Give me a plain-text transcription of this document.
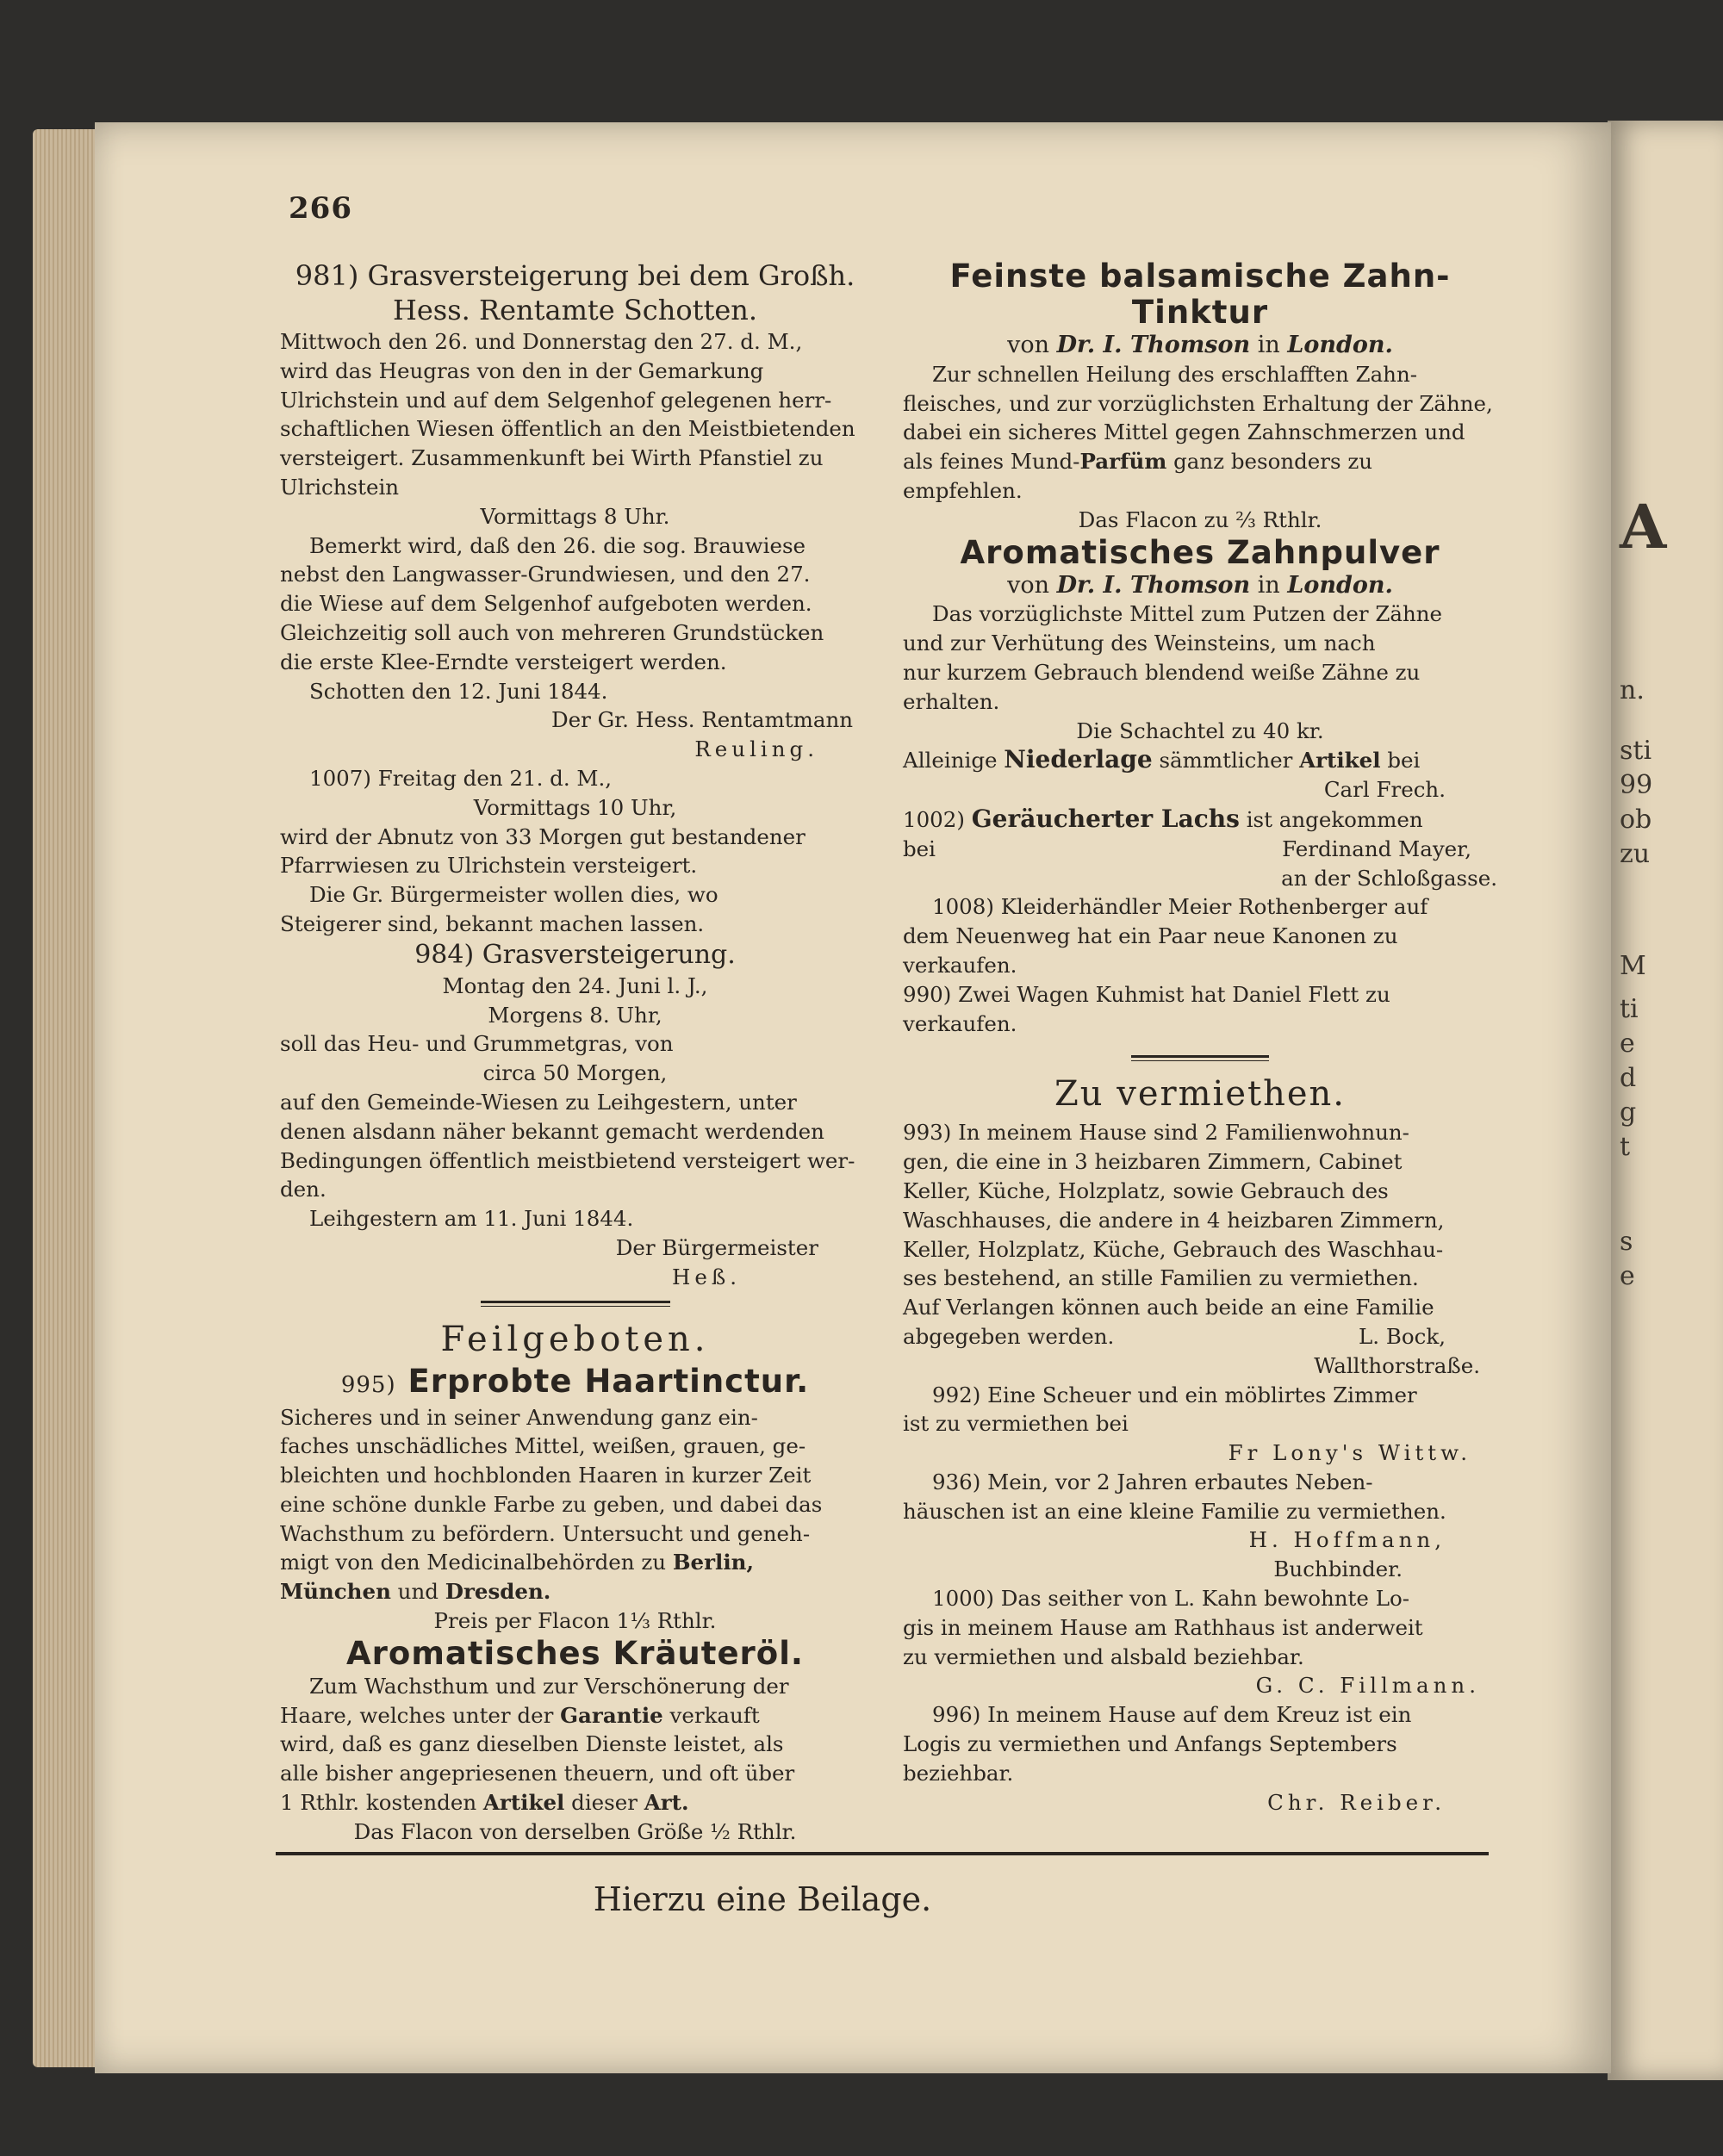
A
n.
sti
99
ob
zu
M
ti
e
d
g
t
s
e
266
981) Grasversteigerung bei dem Großh.
Hess. Rentamte Schotten.

Mittwoch den 26. und Donnerstag den 27. d. M.,

wird das Heugras von den in der Gemarkung

Ulrichstein und auf dem Selgenhof gelegenen herr-

schaftlichen Wiesen öffentlich an den Meistbietenden

versteigert. Zusammenkunft bei Wirth Pfanstiel zu

Ulrichstein

Vormittags 8 Uhr.

Bemerkt wird, daß den 26. die sog. Brauwiese

nebst den Langwasser-Grundwiesen, und den 27.

die Wiese auf dem Selgenhof aufgeboten werden.

Gleichzeitig soll auch von mehreren Grundstücken

die erste Klee-Erndte versteigert werden.

Schotten den 12. Juni 1844.

Der Gr. Hess. Rentamtmann

Reuling.

1007) Freitag den 21. d. M.,

Vormittags 10 Uhr,

wird der Abnutz von 33 Morgen gut bestandener

Pfarrwiesen zu Ulrichstein versteigert.

Die Gr. Bürgermeister wollen dies, wo

Steigerer sind, bekannt machen lassen.

984) Grasversteigerung.

Montag den 24. Juni l. J.,

Morgens 8. Uhr,

soll das Heu- und Grummetgras, von

circa 50 Morgen,

auf den Gemeinde-Wiesen zu Leihgestern, unter

denen alsdann näher bekannt gemacht werdenden

Bedingungen öffentlich meistbietend versteigert wer-

den.

Leihgestern am 11. Juni 1844.

Der Bürgermeister

Heß.

Feilgeboten.
995) Erprobte Haartinctur.

Sicheres und in seiner Anwendung ganz ein-

faches unschädliches Mittel, weißen, grauen, ge-

bleichten und hochblonden Haaren in kurzer Zeit

eine schöne dunkle Farbe zu geben, und dabei das

Wachsthum zu befördern. Untersucht und geneh-

migt von den Medicinalbehörden zu Berlin,

München und Dresden.

Preis per Flacon 1⅓ Rthlr.

Aromatisches Kräuteröl.

Zum Wachsthum und zur Verschönerung der

Haare, welches unter der Garantie verkauft

wird, daß es ganz dieselben Dienste leistet, als

alle bisher angepriesenen theuern, und oft über

1 Rthlr. kostenden Artikel dieser Art.

Das Flacon von derselben Größe ½ Rthlr.

Feinste balsamische Zahn-
Tinktur

von Dr. I. Thomson in London.

Zur schnellen Heilung des erschlafften Zahn-

fleisches, und zur vorzüglichsten Erhaltung der Zähne,

dabei ein sicheres Mittel gegen Zahnschmerzen und

als feines Mund-Parfüm ganz besonders zu

empfehlen.

Das Flacon zu ⅔ Rthlr.

Aromatisches Zahnpulver

von Dr. I. Thomson in London.

Das vorzüglichste Mittel zum Putzen der Zähne

und zur Verhütung des Weinsteins, um nach

nur kurzem Gebrauch blendend weiße Zähne zu

erhalten.

Die Schachtel zu 40 kr.

Alleinige Niederlage sämmtlicher Artikel bei

Carl Frech.

1002) Geräucherter Lachs ist angekommen

bei	Ferdinand Mayer,

an der Schloßgasse.

1008) Kleiderhändler Meier Rothenberger auf

dem Neuenweg hat ein Paar neue Kanonen zu

verkaufen.

990) Zwei Wagen Kuhmist hat Daniel Flett zu

verkaufen.

Zu vermiethen.

993) In meinem Hause sind 2 Familienwohnun-

gen, die eine in 3 heizbaren Zimmern, Cabinet

Keller, Küche, Holzplatz, sowie Gebrauch des

Waschhauses, die andere in 4 heizbaren Zimmern,

Keller, Holzplatz, Küche, Gebrauch des Waschhau-

ses bestehend, an stille Familien zu vermiethen.

Auf Verlangen können auch beide an eine Familie

abgegeben werden.	L. Bock,

Wallthorstraße.

992) Eine Scheuer und ein möblirtes Zimmer

ist zu vermiethen bei

Fr Lony's Wittw.

936) Mein, vor 2 Jahren erbautes Neben-

häuschen ist an eine kleine Familie zu vermiethen.

H. Hoffmann,

Buchbinder.

1000) Das seither von L. Kahn bewohnte Lo-

gis in meinem Hause am Rathhaus ist anderweit

zu vermiethen und alsbald beziehbar.

G. C. Fillmann.

996) In meinem Hause auf dem Kreuz ist ein

Logis zu vermiethen und Anfangs Septembers

beziehbar.

Chr. Reiber.

Hierzu eine Beilage.
